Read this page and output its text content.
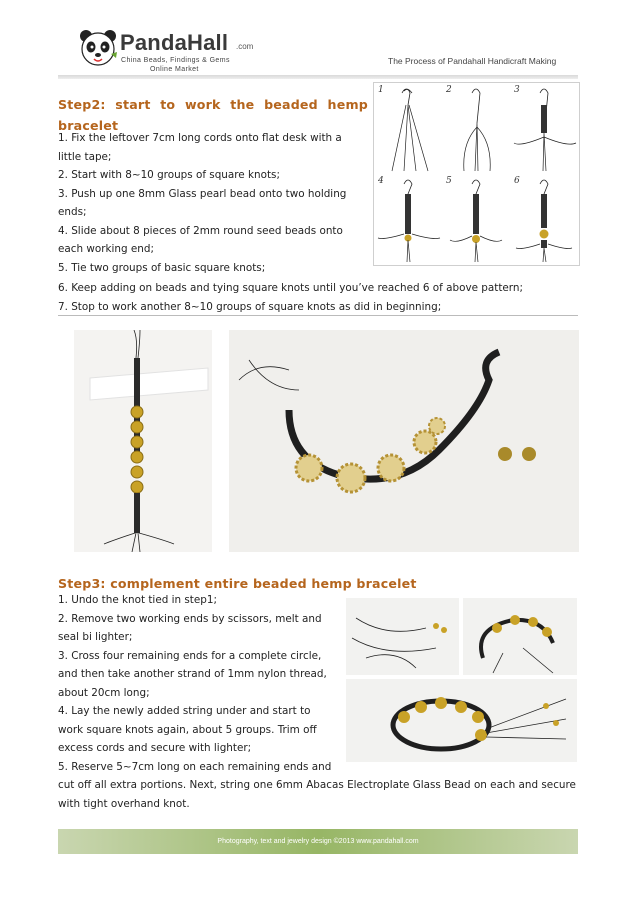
PandaHall .com
China Beads, Findings & Gems
Online Market
The Process of Pandahall Handicraft Making
Step2: start to work the beaded hemp bracelet
1. Fix the leftover 7cm long cords onto flat desk with a
little tape;
2. Start with 8~10 groups of square knots;
3. Push up one 8mm Glass pearl bead onto two holding
ends;
4. Slide about 8 pieces of 2mm round seed beads onto
each working end;
5. Tie two groups of basic square knots;
1	2	3
4	5	6
6. Keep adding on beads and tying square knots until you’ve reached 6 of above pattern;
7. Stop to work another 8~10 groups of square knots as did in beginning;
Step3: complement entire beaded hemp bracelet
1. Undo the knot tied in step1;
2. Remove two working ends by scissors, melt and
seal bi lighter;
3. Cross four remaining ends for a complete circle,
and then take another strand of 1mm nylon thread,
about 20cm long;
4. Lay the newly added string under and start to
work square knots again, about 5 groups. Trim off
excess cords and secure with lighter;
5. Reserve 5~7cm long on each remaining ends and
cut off all extra portions. Next, string one 6mm Abacas Electroplate Glass Bead on each and secure
with tight overhand knot.
Photography, text and jewelry design ©2013 www.pandahall.com
